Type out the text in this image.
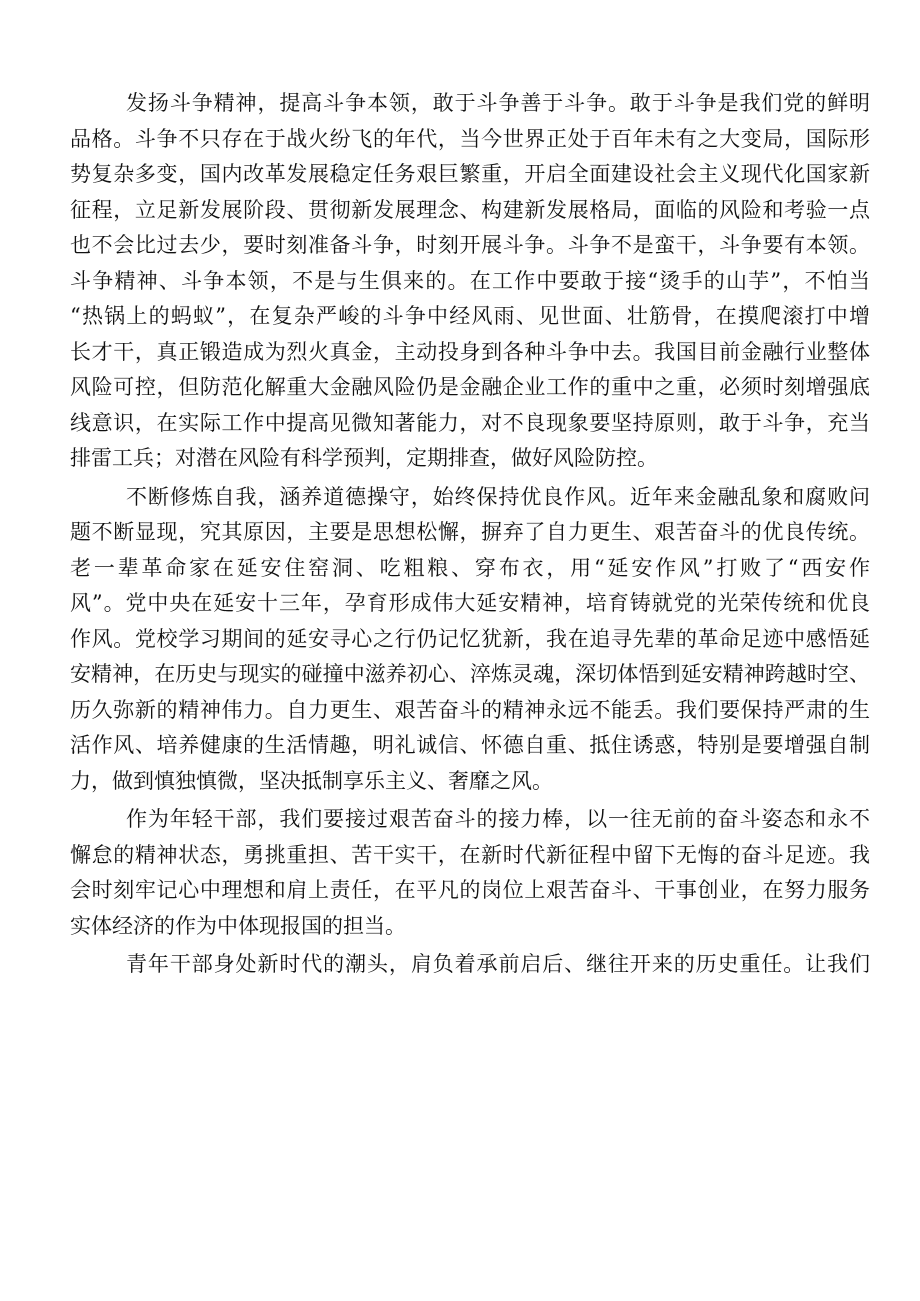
发扬斗争精神，提高斗争本领，敢于斗争善于斗争。敢于斗争是我们党的鲜明
品格。斗争不只存在于战火纷飞的年代，当今世界正处于百年未有之大变局，国际形
势复杂多变，国内改革发展稳定任务艰巨繁重，开启全面建设社会主义现代化国家新
征程，立足新发展阶段、贯彻新发展理念、构建新发展格局，面临的风险和考验一点
也不会比过去少，要时刻准备斗争，时刻开展斗争。斗争不是蛮干，斗争要有本领。
斗争精神、斗争本领，不是与生俱来的。在工作中要敢于接“烫手的山芋”，不怕当
“热锅上的蚂蚁”，在复杂严峻的斗争中经风雨、见世面、壮筋骨，在摸爬滚打中增
长才干，真正锻造成为烈火真金，主动投身到各种斗争中去。我国目前金融行业整体
风险可控，但防范化解重大金融风险仍是金融企业工作的重中之重，必须时刻增强底
线意识，在实际工作中提高见微知著能力，对不良现象要坚持原则，敢于斗争，充当
排雷工兵；对潜在风险有科学预判，定期排查，做好风险防控。
不断修炼自我，涵养道德操守，始终保持优良作风。近年来金融乱象和腐败问
题不断显现，究其原因，主要是思想松懈，摒弃了自力更生、艰苦奋斗的优良传统。
老一辈革命家在延安住窑洞、吃粗粮、穿布衣，用“延安作风”打败了“西安作
风”。党中央在延安十三年，孕育形成伟大延安精神，培育铸就党的光荣传统和优良
作风。党校学习期间的延安寻心之行仍记忆犹新，我在追寻先辈的革命足迹中感悟延
安精神，在历史与现实的碰撞中滋养初心、淬炼灵魂，深切体悟到延安精神跨越时空、
历久弥新的精神伟力。自力更生、艰苦奋斗的精神永远不能丢。我们要保持严肃的生
活作风、培养健康的生活情趣，明礼诚信、怀德自重、抵住诱惑，特别是要增强自制
力，做到慎独慎微，坚决抵制享乐主义、奢靡之风。
作为年轻干部，我们要接过艰苦奋斗的接力棒，以一往无前的奋斗姿态和永不
懈怠的精神状态，勇挑重担、苦干实干，在新时代新征程中留下无悔的奋斗足迹。我
会时刻牢记心中理想和肩上责任，在平凡的岗位上艰苦奋斗、干事创业，在努力服务
实体经济的作为中体现报国的担当。
青年干部身处新时代的潮头，肩负着承前启后、继往开来的历史重任。让我们
